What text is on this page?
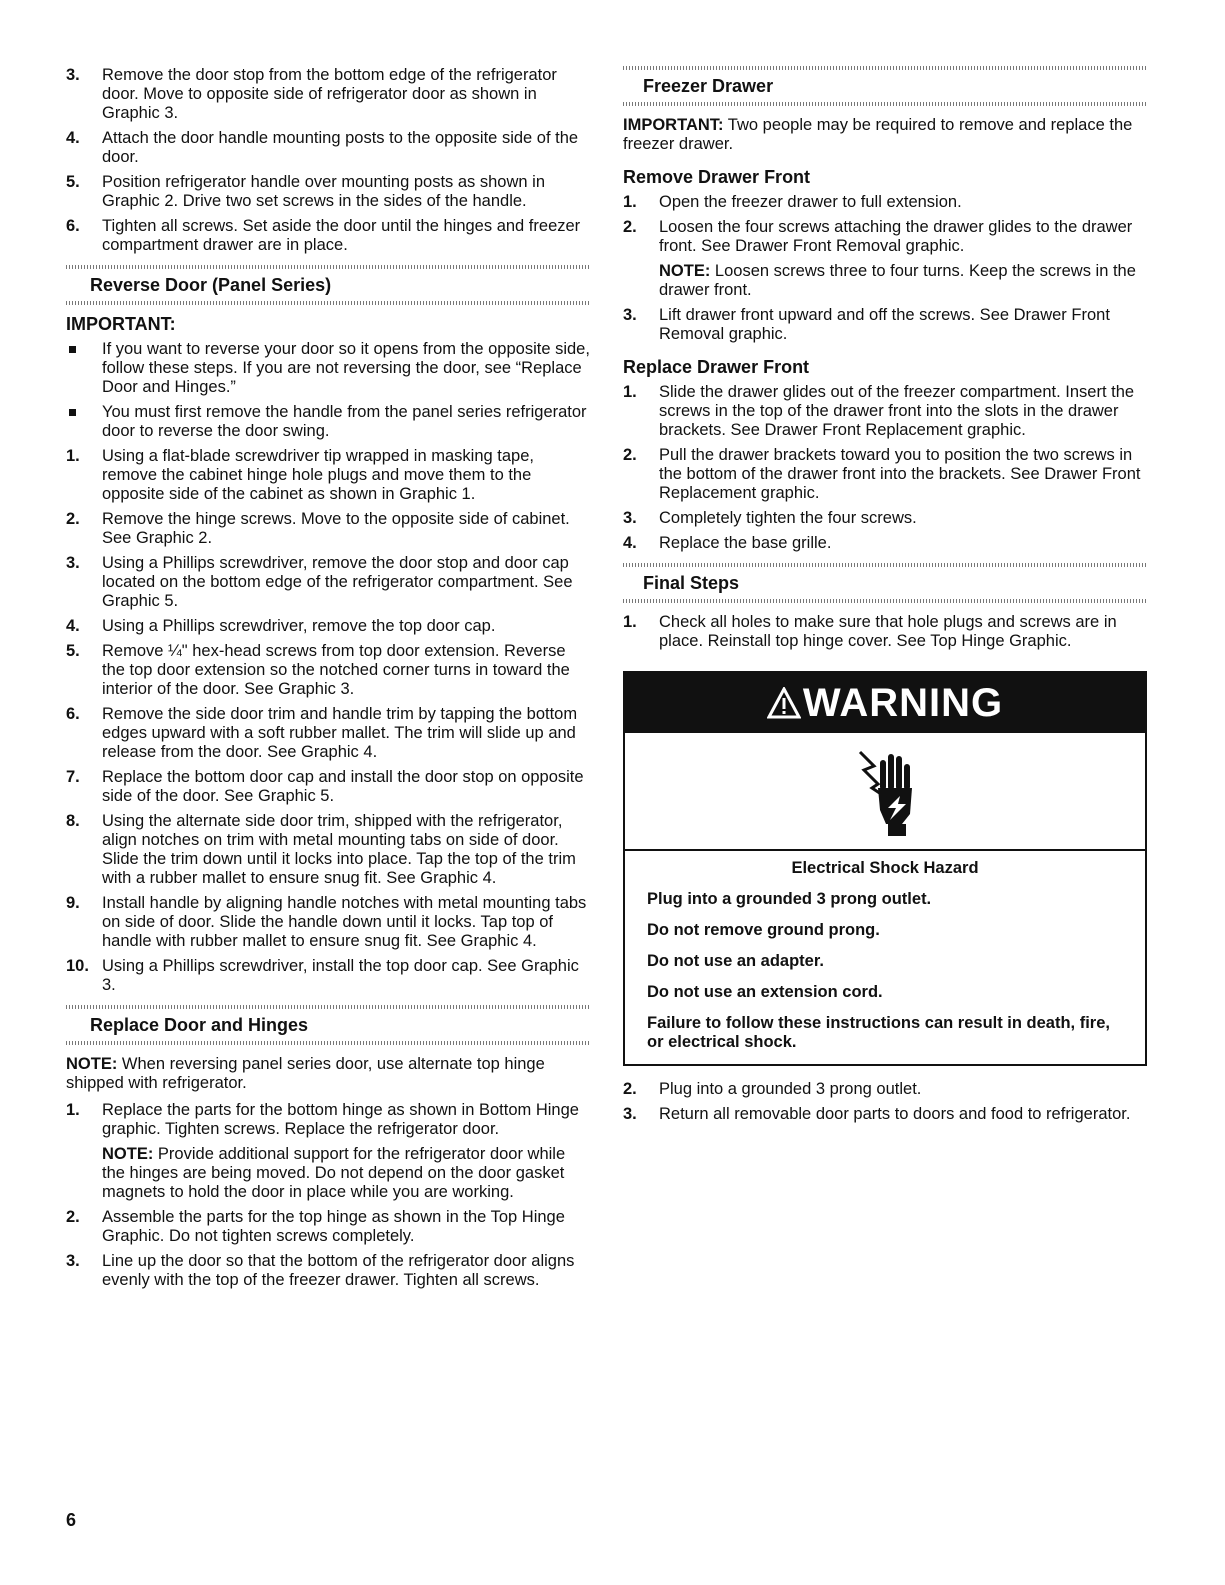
3.	Remove the door stop from the bottom edge of the refrigerator door. Move to opposite side of refrigerator door as shown in Graphic 3.
4.	Attach the door handle mounting posts to the opposite side of the door.
5.	Position refrigerator handle over mounting posts as shown in Graphic 2. Drive two set screws in the sides of the handle.
6.	Tighten all screws. Set aside the door until the hinges and freezer compartment drawer are in place.
Reverse Door (Panel Series)
IMPORTANT:
If you want to reverse your door so it opens from the opposite side, follow these steps. If you are not reversing the door, see “Replace Door and Hinges.”
You must first remove the handle from the panel series refrigerator door to reverse the door swing.
1.	Using a flat-blade screwdriver tip wrapped in masking tape, remove the cabinet hinge hole plugs and move them to the opposite side of the cabinet as shown in Graphic 1.
2.	Remove the hinge screws. Move to the opposite side of cabinet. See Graphic 2.
3.	Using a Phillips screwdriver, remove the door stop and door cap located on the bottom edge of the refrigerator compartment. See Graphic 5.
4.	Using a Phillips screwdriver, remove the top door cap.
5.	Remove ¼" hex-head screws from top door extension. Reverse the top door extension so the notched corner turns in toward the interior of the door. See Graphic 3.
6.	Remove the side door trim and handle trim by tapping the bottom edges upward with a soft rubber mallet. The trim will slide up and release from the door. See Graphic 4.
7.	Replace the bottom door cap and install the door stop on opposite side of the door. See Graphic 5.
8.	Using the alternate side door trim, shipped with the refrigerator, align notches on trim with metal mounting tabs on side of door. Slide the trim down until it locks into place. Tap the top of the trim with a rubber mallet to ensure snug fit. See Graphic 4.
9.	Install handle by aligning handle notches with metal mounting tabs on side of door. Slide the handle down until it locks. Tap top of handle with rubber mallet to ensure snug fit. See Graphic 4.
10. Using a Phillips screwdriver, install the top door cap. See Graphic 3.
Replace Door and Hinges

NOTE: When reversing panel series door, use alternate top hinge shipped with refrigerator.

1.	Replace the parts for the bottom hinge as shown in Bottom Hinge graphic. Tighten screws. Replace the refrigerator door.
NOTE: Provide additional support for the refrigerator door while the hinges are being moved. Do not depend on the door gasket magnets to hold the door in place while you are working.
2.	Assemble the parts for the top hinge as shown in the Top Hinge Graphic. Do not tighten screws completely.
3.	Line up the door so that the bottom of the refrigerator door aligns evenly with the top of the freezer drawer. Tighten all screws.
Freezer Drawer

IMPORTANT: Two people may be required to remove and replace the freezer drawer.

Remove Drawer Front
1.	Open the freezer drawer to full extension.
2.	Loosen the four screws attaching the drawer glides to the drawer front. See Drawer Front Removal graphic.
NOTE: Loosen screws three to four turns. Keep the screws in the drawer front.
3.	Lift drawer front upward and off the screws. See Drawer Front Removal graphic.
Replace Drawer Front
1.	Slide the drawer glides out of the freezer compartment. Insert the screws in the top of the drawer front into the slots in the drawer brackets. See Drawer Front Replacement graphic.
2.	Pull the drawer brackets toward you to position the two screws in the bottom of the drawer front into the brackets. See Drawer Front Replacement graphic.
3.	Completely tighten the four screws.
4.	Replace the base grille.
Final Steps
1.	Check all holes to make sure that hole plugs and screws are in place. Reinstall top hinge cover. See Top Hinge Graphic.
WARNING

Electrical Shock Hazard

Plug into a grounded 3 prong outlet.

Do not remove ground prong.

Do not use an adapter.

Do not use an extension cord.

Failure to follow these instructions can result in death, fire, or electrical shock.

2.	Plug into a grounded 3 prong outlet.
3.	Return all removable door parts to doors and food to refrigerator.
6
